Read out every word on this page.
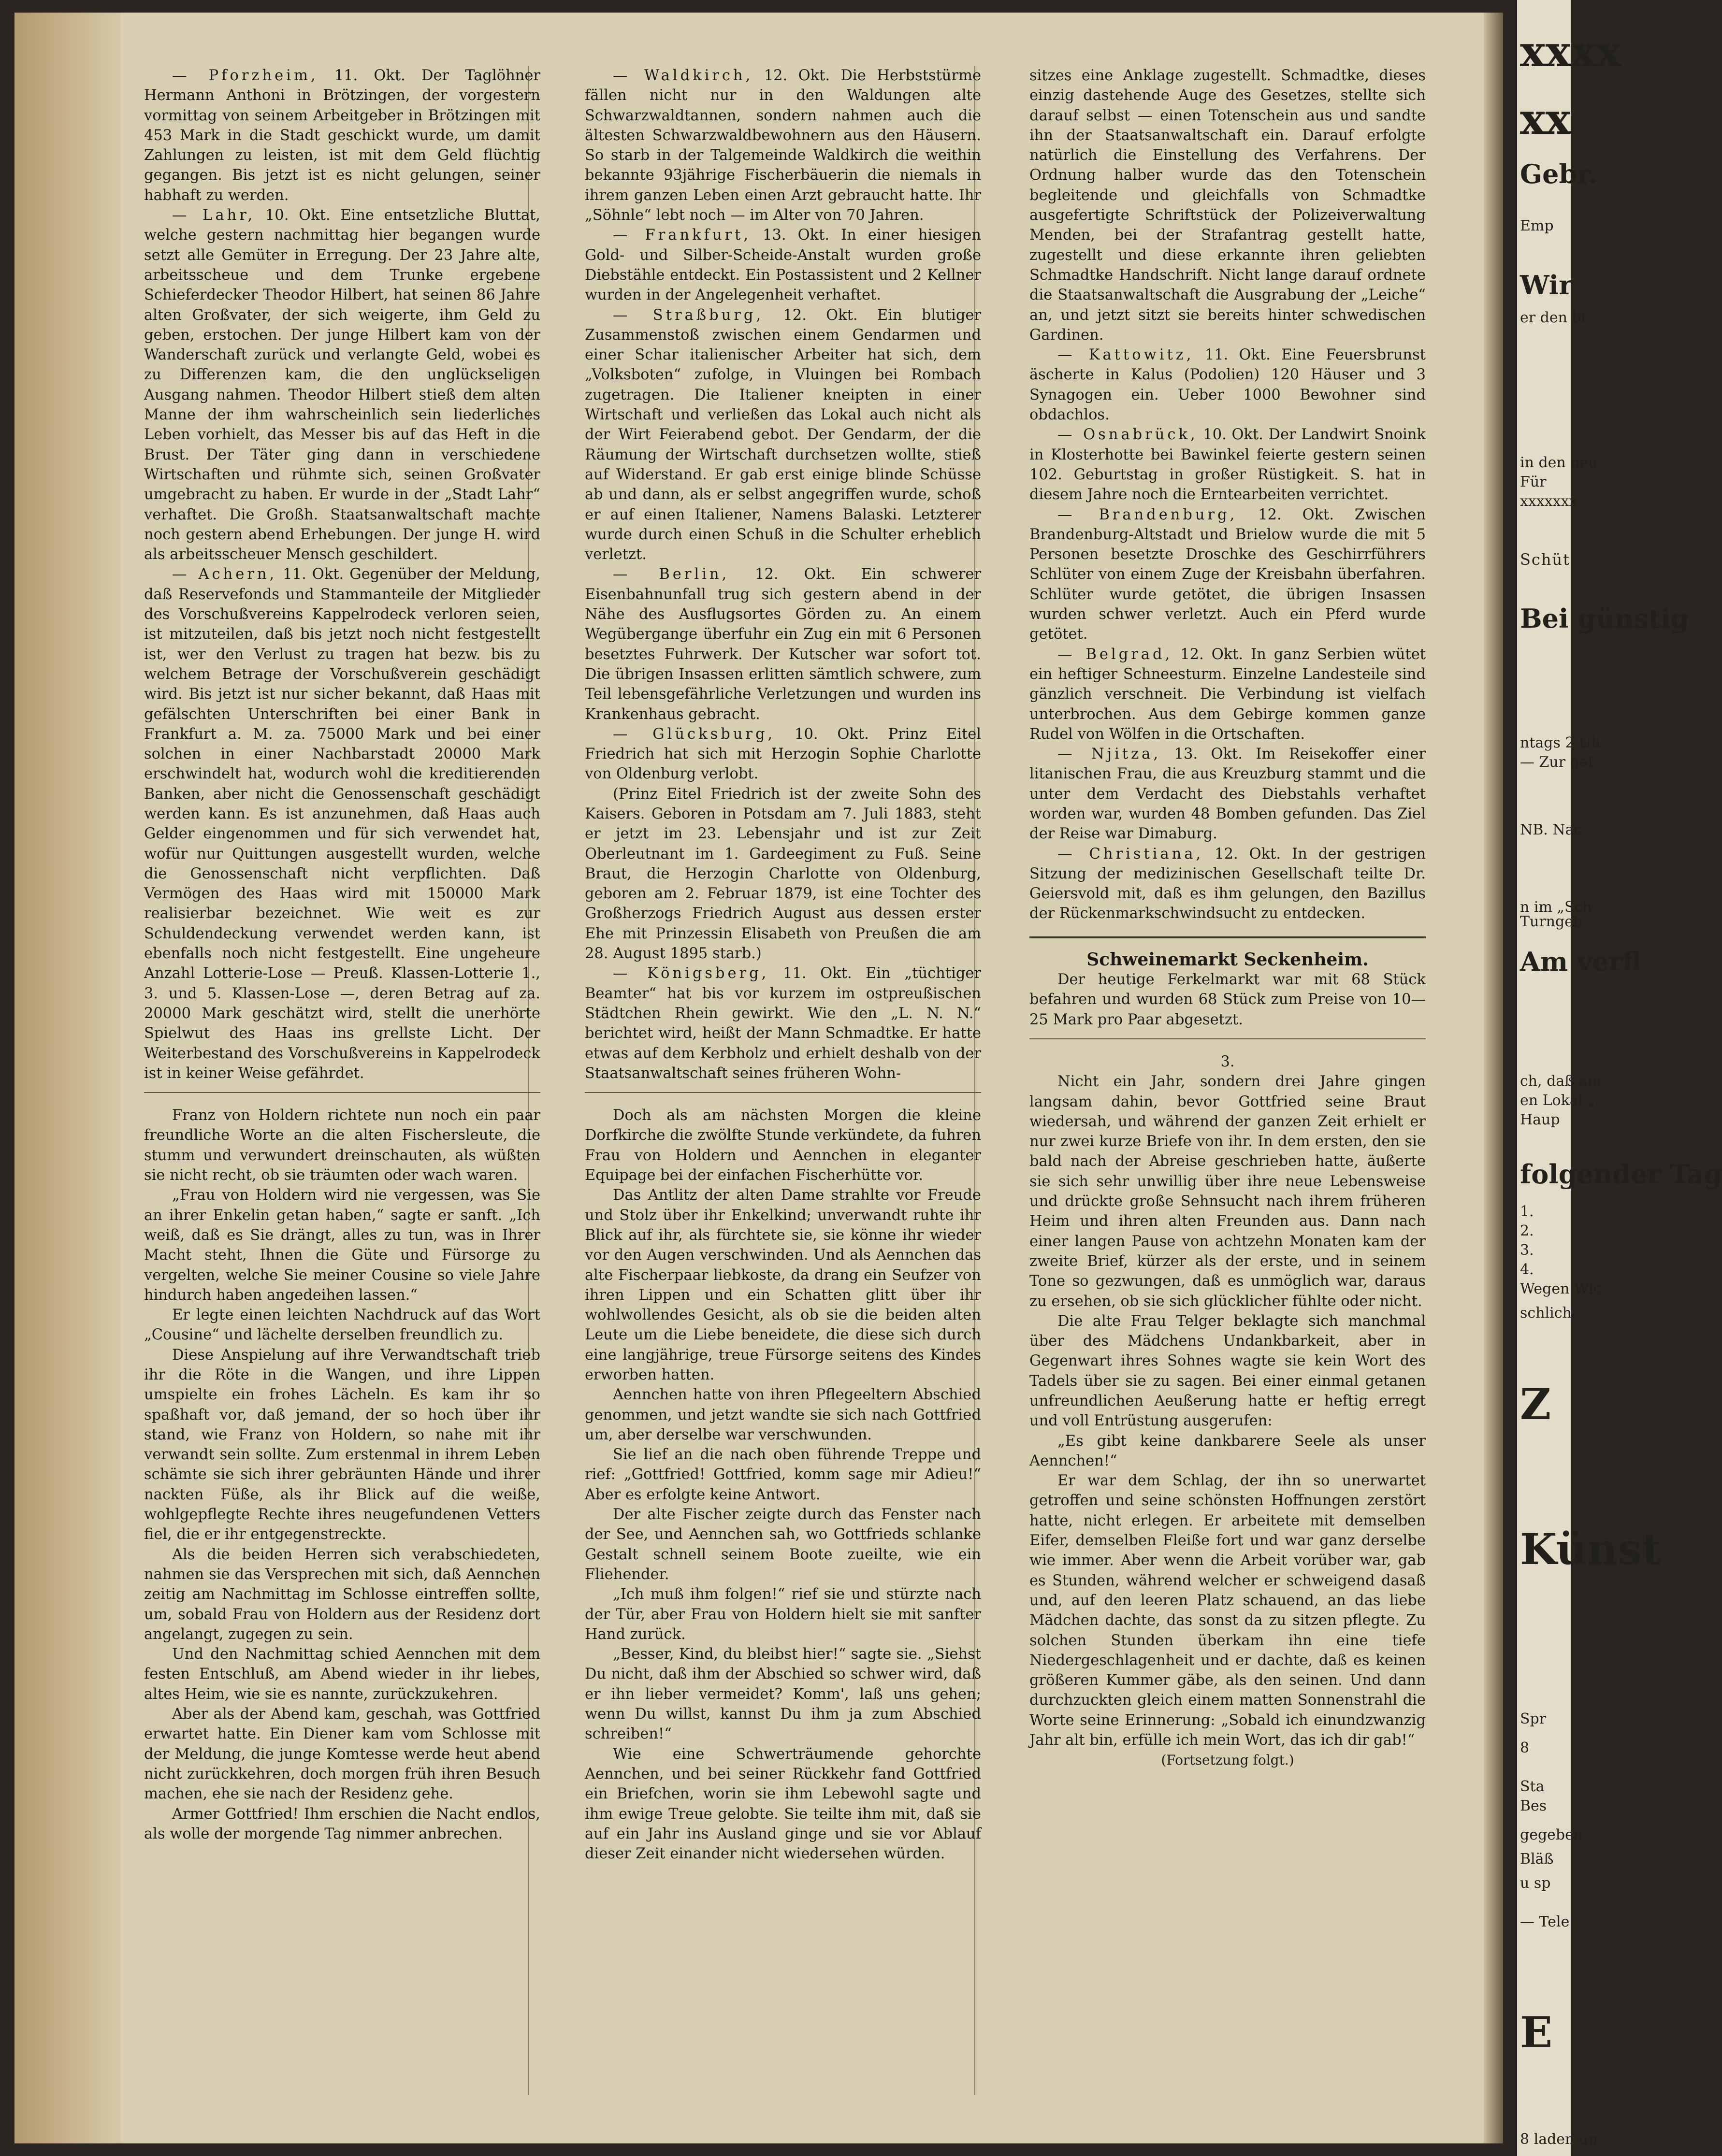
— Pforzheim, 11. Okt. Der Taglöhner Hermann Anthoni in Brötzingen, der vorgestern vormittag von seinem Arbeitgeber in Brötzingen mit 453 Mark in die Stadt geschickt wurde, um damit Zahlungen zu leisten, ist mit dem Geld flüchtig gegangen. Bis jetzt ist es nicht gelungen, seiner habhaft zu werden.

— Lahr, 10. Okt. Eine entsetzliche Bluttat, welche gestern nachmittag hier begangen wurde setzt alle Gemüter in Erregung. Der 23 Jahre alte, arbeitsscheue und dem Trunke ergebene Schieferdecker Theodor Hilbert, hat seinen 86 Jahre alten Großvater, der sich weigerte, ihm Geld zu geben, erstochen. Der junge Hilbert kam von der Wanderschaft zurück und verlangte Geld, wobei es zu Differenzen kam, die den unglückseligen Ausgang nahmen. Theodor Hilbert stieß dem alten Manne der ihm wahrscheinlich sein liederliches Leben vorhielt, das Messer bis auf das Heft in die Brust. Der Täter ging dann in verschiedene Wirtschaften und rühmte sich, seinen Großvater umgebracht zu haben. Er wurde in der „Stadt Lahr“ verhaftet. Die Großh. Staatsanwaltschaft machte noch gestern abend Erhebungen. Der junge H. wird als arbeitsscheuer Mensch geschildert.

— Achern, 11. Okt. Gegenüber der Meldung, daß Reservefonds und Stammanteile der Mitglieder des Vorschußvereins Kappelrodeck verloren seien, ist mitzuteilen, daß bis jetzt noch nicht festgestellt ist, wer den Verlust zu tragen hat bezw. bis zu welchem Betrage der Vorschußverein geschädigt wird. Bis jetzt ist nur sicher bekannt, daß Haas mit gefälschten Unterschriften bei einer Bank in Frankfurt a. M. za. 75000 Mark und bei einer solchen in einer Nachbarstadt 20000 Mark erschwindelt hat, wodurch wohl die kreditierenden Banken, aber nicht die Genossenschaft geschädigt werden kann. Es ist anzunehmen, daß Haas auch Gelder eingenommen und für sich verwendet hat, wofür nur Quittungen ausgestellt wurden, welche die Genossenschaft nicht verpflichten. Daß Vermögen des Haas wird mit 150000 Mark realisierbar bezeichnet. Wie weit es zur Schuldendeckung verwendet werden kann, ist ebenfalls noch nicht festgestellt. Eine ungeheure Anzahl Lotterie-Lose — Preuß. Klassen-Lotterie 1., 3. und 5. Klassen-Lose —, deren Betrag auf za. 20000 Mark geschätzt wird, stellt die unerhörte Spielwut des Haas ins grellste Licht. Der Weiterbestand des Vorschußvereins in Kappelrodeck ist in keiner Weise gefährdet.

Franz von Holdern richtete nun noch ein paar freundliche Worte an die alten Fischersleute, die stumm und verwundert dreinschauten, als wüßten sie nicht recht, ob sie träumten oder wach waren.

„Frau von Holdern wird nie vergessen, was Sie an ihrer Enkelin getan haben,“ sagte er sanft. „Ich weiß, daß es Sie drängt, alles zu tun, was in Ihrer Macht steht, Ihnen die Güte und Fürsorge zu vergelten, welche Sie meiner Cousine so viele Jahre hindurch haben angedeihen lassen.“

Er legte einen leichten Nachdruck auf das Wort „Cousine“ und lächelte derselben freundlich zu.

Diese Anspielung auf ihre Verwandtschaft trieb ihr die Röte in die Wangen, und ihre Lippen umspielte ein frohes Lächeln. Es kam ihr so spaßhaft vor, daß jemand, der so hoch über ihr stand, wie Franz von Holdern, so nahe mit ihr verwandt sein sollte. Zum erstenmal in ihrem Leben schämte sie sich ihrer gebräunten Hände und ihrer nackten Füße, als ihr Blick auf die weiße, wohlgepflegte Rechte ihres neugefundenen Vetters fiel, die er ihr entgegenstreckte.

Als die beiden Herren sich verabschiedeten, nahmen sie das Versprechen mit sich, daß Aennchen zeitig am Nachmittag im Schlosse eintreffen sollte, um, sobald Frau von Holdern aus der Residenz dort angelangt, zugegen zu sein.

Und den Nachmittag schied Aennchen mit dem festen Entschluß, am Abend wieder in ihr liebes, altes Heim, wie sie es nannte, zurückzukehren.

Aber als der Abend kam, geschah, was Gottfried erwartet hatte. Ein Diener kam vom Schlosse mit der Meldung, die junge Komtesse werde heut abend nicht zurückkehren, doch morgen früh ihren Besuch machen, ehe sie nach der Residenz gehe.

Armer Gottfried! Ihm erschien die Nacht endlos, als wolle der morgende Tag nimmer anbrechen.

— Waldkirch, 12. Okt. Die Herbststürme fällen nicht nur in den Waldungen alte Schwarzwaldtannen, sondern nahmen auch die ältesten Schwarzwaldbewohnern aus den Häusern. So starb in der Talgemeinde Waldkirch die weithin bekannte 93jährige Fischerbäuerin die niemals in ihrem ganzen Leben einen Arzt gebraucht hatte. Ihr „Söhnle“ lebt noch — im Alter von 70 Jahren.

— Frankfurt, 13. Okt. In einer hiesigen Gold- und Silber-Scheide-Anstalt wurden große Diebstähle entdeckt. Ein Postassistent und 2 Kellner wurden in der Angelegenheit verhaftet.

— Straßburg, 12. Okt. Ein blutiger Zusammenstoß zwischen einem Gendarmen und einer Schar italienischer Arbeiter hat sich, dem „Volksboten“ zufolge, in Vluingen bei Rombach zugetragen. Die Italiener kneipten in einer Wirtschaft und verließen das Lokal auch nicht als der Wirt Feierabend gebot. Der Gendarm, der die Räumung der Wirtschaft durchsetzen wollte, stieß auf Widerstand. Er gab erst einige blinde Schüsse ab und dann, als er selbst angegriffen wurde, schoß er auf einen Italiener, Namens Balaski. Letzterer wurde durch einen Schuß in die Schulter erheblich verletzt.

— Berlin, 12. Okt. Ein schwerer Eisenbahnunfall trug sich gestern abend in der Nähe des Ausflugsortes Görden zu. An einem Wegübergange überfuhr ein Zug ein mit 6 Personen besetztes Fuhrwerk. Der Kutscher war sofort tot. Die übrigen Insassen erlitten sämtlich schwere, zum Teil lebensgefährliche Verletzungen und wurden ins Krankenhaus gebracht.

— Glücksburg, 10. Okt. Prinz Eitel Friedrich hat sich mit Herzogin Sophie Charlotte von Oldenburg verlobt.

(Prinz Eitel Friedrich ist der zweite Sohn des Kaisers. Geboren in Potsdam am 7. Juli 1883, steht er jetzt im 23. Lebensjahr und ist zur Zeit Oberleutnant im 1. Gardeegiment zu Fuß. Seine Braut, die Herzogin Charlotte von Oldenburg, geboren am 2. Februar 1879, ist eine Tochter des Großherzogs Friedrich August aus dessen erster Ehe mit Prinzessin Elisabeth von Preußen die am 28. August 1895 starb.)

— Königsberg, 11. Okt. Ein „tüchtiger Beamter“ hat bis vor kurzem im ostpreußischen Städtchen Rhein gewirkt. Wie den „L. N. N.“ berichtet wird, heißt der Mann Schmadtke. Er hatte etwas auf dem Kerbholz und erhielt deshalb von der Staatsanwaltschaft seines früheren Wohn-

Doch als am nächsten Morgen die kleine Dorfkirche die zwölfte Stunde verkündete, da fuhren Frau von Holdern und Aennchen in eleganter Equipage bei der einfachen Fischerhütte vor.

Das Antlitz der alten Dame strahlte vor Freude und Stolz über ihr Enkelkind; unverwandt ruhte ihr Blick auf ihr, als fürchtete sie, sie könne ihr wieder vor den Augen verschwinden. Und als Aennchen das alte Fischerpaar liebkoste, da drang ein Seufzer von ihren Lippen und ein Schatten glitt über ihr wohlwollendes Gesicht, als ob sie die beiden alten Leute um die Liebe beneidete, die diese sich durch eine langjährige, treue Fürsorge seitens des Kindes erworben hatten.

Aennchen hatte von ihren Pflegeeltern Abschied genommen, und jetzt wandte sie sich nach Gottfried um, aber derselbe war verschwunden.

Sie lief an die nach oben führende Treppe und rief: „Gottfried! Gottfried, komm sage mir Adieu!“ Aber es erfolgte keine Antwort.

Der alte Fischer zeigte durch das Fenster nach der See, und Aennchen sah, wo Gottfrieds schlanke Gestalt schnell seinem Boote zueilte, wie ein Fliehender.

„Ich muß ihm folgen!“ rief sie und stürzte nach der Tür, aber Frau von Holdern hielt sie mit sanfter Hand zurück.

„Besser, Kind, du bleibst hier!“ sagte sie. „Siehst Du nicht, daß ihm der Abschied so schwer wird, daß er ihn lieber vermeidet? Komm', laß uns gehen; wenn Du willst, kannst Du ihm ja zum Abschied schreiben!“

Wie eine Schwerträumende gehorchte Aennchen, und bei seiner Rückkehr fand Gottfried ein Briefchen, worin sie ihm Lebewohl sagte und ihm ewige Treue gelobte. Sie teilte ihm mit, daß sie auf ein Jahr ins Ausland ginge und sie vor Ablauf dieser Zeit einander nicht wiedersehen würden.

sitzes eine Anklage zugestellt. Schmadtke, dieses einzig dastehende Auge des Gesetzes, stellte sich darauf selbst — einen Totenschein aus und sandte ihn der Staatsanwaltschaft ein. Darauf erfolgte natürlich die Einstellung des Verfahrens. Der Ordnung halber wurde das den Totenschein begleitende und gleichfalls von Schmadtke ausgefertigte Schriftstück der Polizeiverwaltung Menden, bei der Strafantrag gestellt hatte, zugestellt und diese erkannte ihren geliebten Schmadtke Handschrift. Nicht lange darauf ordnete die Staatsanwaltschaft die Ausgrabung der „Leiche“ an, und jetzt sitzt sie bereits hinter schwedischen Gardinen.

— Kattowitz, 11. Okt. Eine Feuersbrunst äscherte in Kalus (Podolien) 120 Häuser und 3 Synagogen ein. Ueber 1000 Bewohner sind obdachlos.

— Osnabrück, 10. Okt. Der Landwirt Snoink in Klosterhotte bei Bawinkel feierte gestern seinen 102. Geburtstag in großer Rüstigkeit. S. hat in diesem Jahre noch die Erntearbeiten verrichtet.

— Brandenburg, 12. Okt. Zwischen Brandenburg-Altstadt und Brielow wurde die mit 5 Personen besetzte Droschke des Geschirrführers Schlüter von einem Zuge der Kreisbahn überfahren. Schlüter wurde getötet, die übrigen Insassen wurden schwer verletzt. Auch ein Pferd wurde getötet.

— Belgrad, 12. Okt. In ganz Serbien wütet ein heftiger Schneesturm. Einzelne Landesteile sind gänzlich verschneit. Die Verbindung ist vielfach unterbrochen. Aus dem Gebirge kommen ganze Rudel von Wölfen in die Ortschaften.

— Njitza, 13. Okt. Im Reisekoffer einer litanischen Frau, die aus Kreuzburg stammt und die unter dem Verdacht des Diebstahls verhaftet worden war, wurden 48 Bomben gefunden. Das Ziel der Reise war Dimaburg.

— Christiana, 12. Okt. In der gestrigen Sitzung der medizinischen Gesellschaft teilte Dr. Geiersvold mit, daß es ihm gelungen, den Bazillus der Rückenmarkschwindsucht zu entdecken.

Schweinemarkt Seckenheim.

Der heutige Ferkelmarkt war mit 68 Stück befahren und wurden 68 Stück zum Preise von 10—25 Mark pro Paar abgesetzt.

3.

Nicht ein Jahr, sondern drei Jahre gingen langsam dahin, bevor Gottfried seine Braut wiedersah, und während der ganzen Zeit erhielt er nur zwei kurze Briefe von ihr. In dem ersten, den sie bald nach der Abreise geschrieben hatte, äußerte sie sich sehr unwillig über ihre neue Lebensweise und drückte große Sehnsucht nach ihrem früheren Heim und ihren alten Freunden aus. Dann nach einer langen Pause von achtzehn Monaten kam der zweite Brief, kürzer als der erste, und in seinem Tone so gezwungen, daß es unmöglich war, daraus zu ersehen, ob sie sich glücklicher fühlte oder nicht.

Die alte Frau Telger beklagte sich manchmal über des Mädchens Undankbarkeit, aber in Gegenwart ihres Sohnes wagte sie kein Wort des Tadels über sie zu sagen. Bei einer einmal getanen unfreundlichen Aeußerung hatte er heftig erregt und voll Entrüstung ausgerufen:

„Es gibt keine dankbarere Seele als unser Aennchen!“

Er war dem Schlag, der ihn so unerwartet getroffen und seine schönsten Hoffnungen zerstört hatte, nicht erlegen. Er arbeitete mit demselben Eifer, demselben Fleiße fort und war ganz derselbe wie immer. Aber wenn die Arbeit vorüber war, gab es Stunden, während welcher er schweigend dasaß und, auf den leeren Platz schauend, an das liebe Mädchen dachte, das sonst da zu sitzen pflegte. Zu solchen Stunden überkam ihn eine tiefe Niedergeschlagenheit und er dachte, daß es keinen größeren Kummer gäbe, als den seinen. Und dann durchzuckten gleich einem matten Sonnenstrahl die Worte seine Erinnerung: „Sobald ich einundzwanzig Jahr alt bin, erfülle ich mein Wort, das ich dir gab!“

(Fortsetzung folgt.)

xxxx
xx
Gebr.
Emp
Wir
er den bi
in den neu
Für
xxxxxxx
Schüt
Bei günstig
ntags 2 Uh
— Zur gef
NB. Nac
n im „Sch
Turngeb
Am verfl
ch, daß am
en Lokal „
Haup
folgender Tag
1.
2.
3.
4.
Wegen Wic
schlich
Z
Künst
Spr
8
Sta
Bes
gegeben
Bläß
u sp
— Tele
E
8 laden un
